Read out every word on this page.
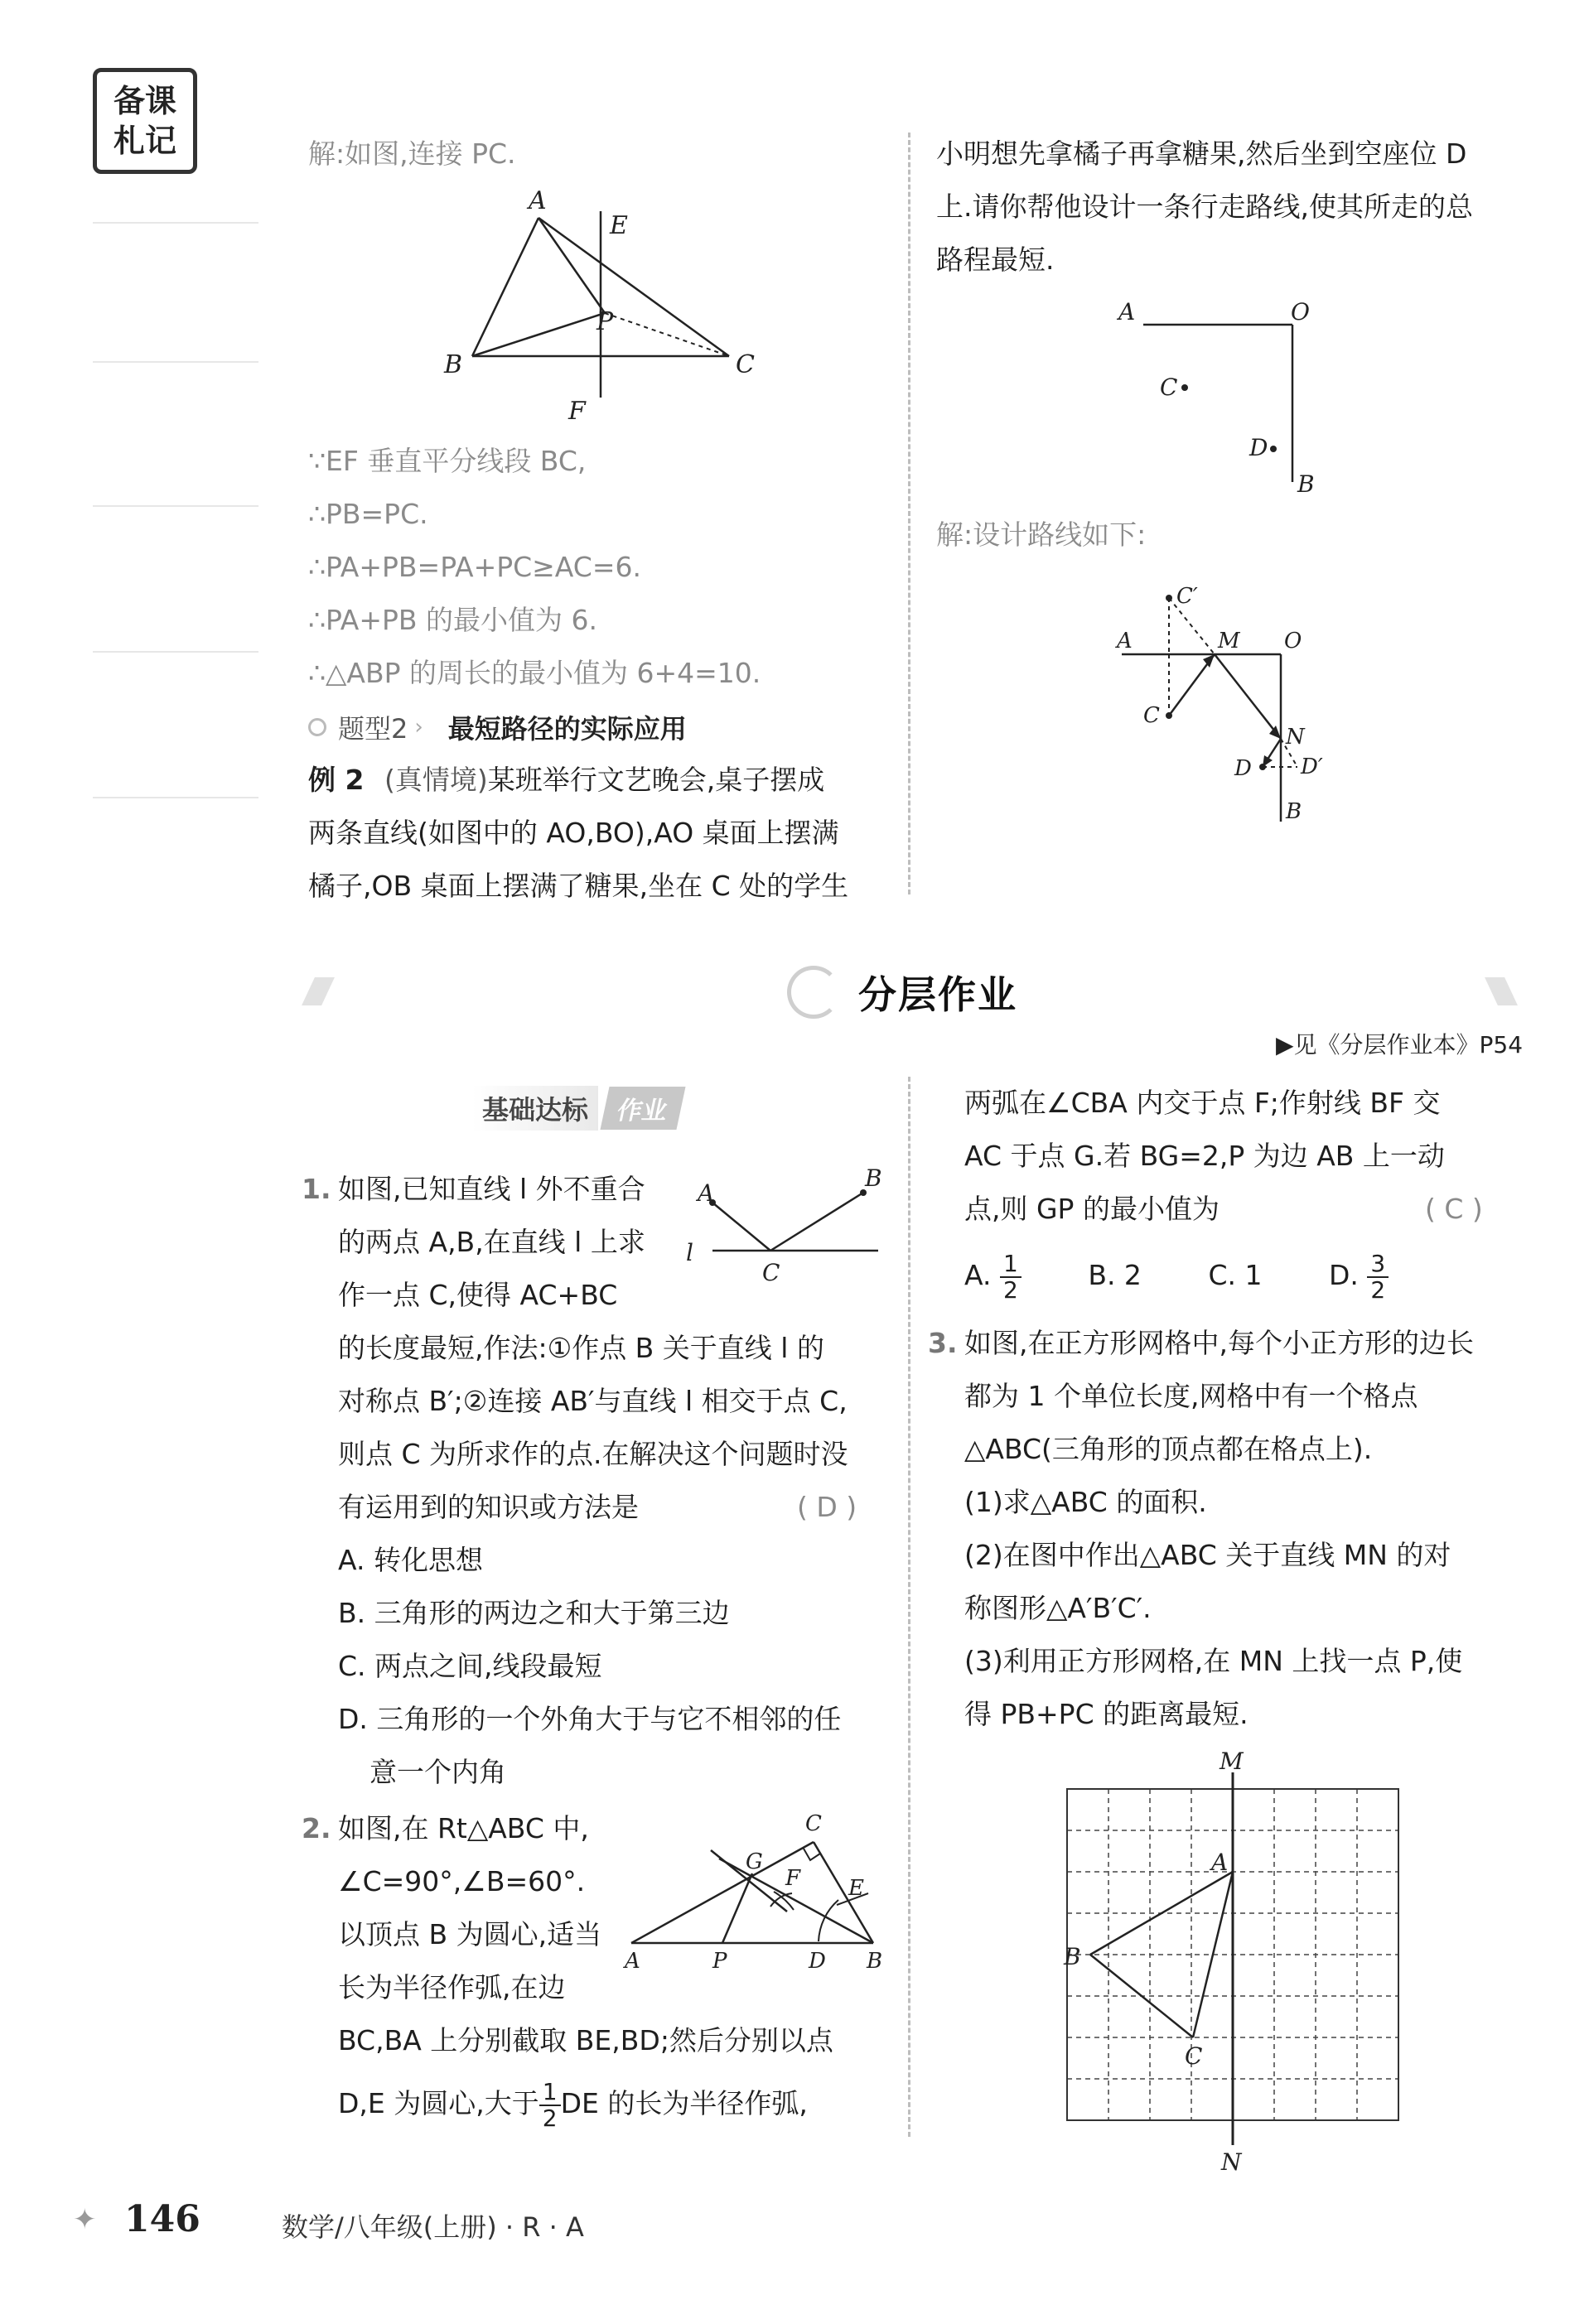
备课札记	解:如图,连接 PC.
A
E
P
B	C
F
∵EF 垂直平分线段 BC,
∴PB=PC.
∴PA+PB=PA+PC≥AC=6.
∴PA+PB 的最小值为 6.
∴△ABP 的周长的最小值为 6+4=10.
题型2 › 最短路径的实际应用
例 2 (真情境)某班举行文艺晚会,桌子摆成
两条直线(如图中的 AO,BO),AO 桌面上摆满
橘子,OB 桌面上摆满了糖果,坐在 C 处的学生
小明想先拿橘子再拿糖果,然后坐到空座位 D
上.请你帮他设计一条行走路线,使其所走的总
路程最短.
A	O
C
D
B
解:设计路线如下:
C′
A	M O
C
N
D D′
B
分层作业
▶见《分层作业本》P54
基础达标	作业
1. 如图,已知直线 l 外不重合
的两点 A,B,在直线 l 上求
作一点 C,使得 AC+BC
的长度最短,作法:①作点 B 关于直线 l 的
对称点 B′;②连接 AB′与直线 l 相交于点 C,
则点 C 为所求作的点.在解决这个问题时没
有运用到的知识或方法是	( D )
A. 转化思想
B. 三角形的两边之和大于第三边
C. 两点之间,线段最短
D. 三角形的一个外角大于与它不相邻的任
意一个内角
A
B
l
C
2. 如图,在 Rt△ABC 中,
∠C=90°,∠B=60°.
以顶点 B 为圆心,适当
长为半径作弧,在边
BC,BA 上分别截取 BE,BD;然后分别以点
D,E 为圆心,大于 $\frac{1}{2}$ DE 的长为半径作弧,
C
G
F E
A	P	D B
两弧在∠CBA 内交于点 F;作射线 BF 交
AC 于点 G.若 BG=2,P 为边 AB 上一动
点,则 GP 的最小值为	( C )
A. $\frac{1}{2} B$. 2 C. 1 D. $\frac{3}{2}$
3. 如图,在正方形网格中,每个小正方形的边长
都为 1 个单位长度,网格中有一个格点
△ABC(三角形的顶点都在格点上).
(1)求△ABC 的面积.
(2)在图中作出△ABC 关于直线 MN 的对
称图形△A′B′C′.
(3)利用正方形网格,在 MN 上找一点 P,使
得 PB+PC 的距离最短.
M
A
B
C
N
✦ 146	数学/八年级(上册) · R · A
